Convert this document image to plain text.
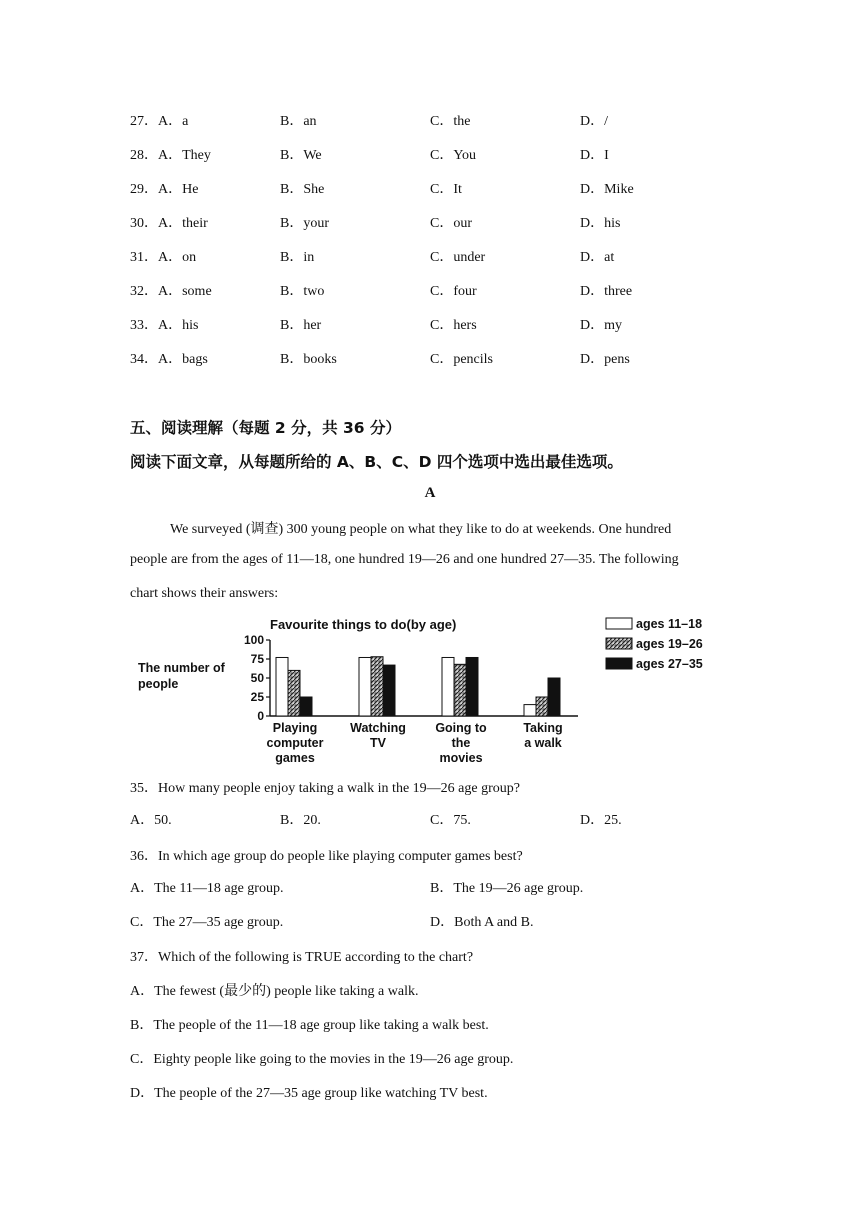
27．A．a	B．an	C．the	D．/
28．A．They	B．We	C．You	D．I
29．A．He	B．She	C．It	D．Mike
30．A．their	B．your	C．our	D．his
31．A．on	B．in	C．under	D．at
32．A．some	B．two	C．four	D．three
33．A．his	B．her	C．hers	D．my
34．A．bags	B．books	C．pencils	D．pens
五、阅读理解（每题 2 分，共 36 分）
阅读下面文章，从每题所给的 A、B、C、D 四个选项中选出最佳选项。
A
We surveyed (调查) 300 young people on what they like to do at weekends. One hundred
people are from the ages of 11—18, one hundred 19—26 and one hundred 27—35. The following
chart shows their answers:
Favourite things to do(by age)
The number of
people
100
75
50
25
0
Playing
computer
games
Watching
TV
Going to
the
movies
Taking
a walk
ages 11–18
ages 19–26
ages 27–35
35．How many people enjoy taking a walk in the 19—26 age group?
A．50.	B．20.	C．75.	D．25.
36．In which age group do people like playing computer games best?
A．The 11—18 age group.	B．The 19—26 age group.
C．The 27—35 age group.	D．Both A and B.
37．Which of the following is TRUE according to the chart?
A．The fewest (最少的) people like taking a walk.
B．The people of the 11—18 age group like taking a walk best.
C．Eighty people like going to the movies in the 19—26 age group.
D．The people of the 27—35 age group like watching TV best.
